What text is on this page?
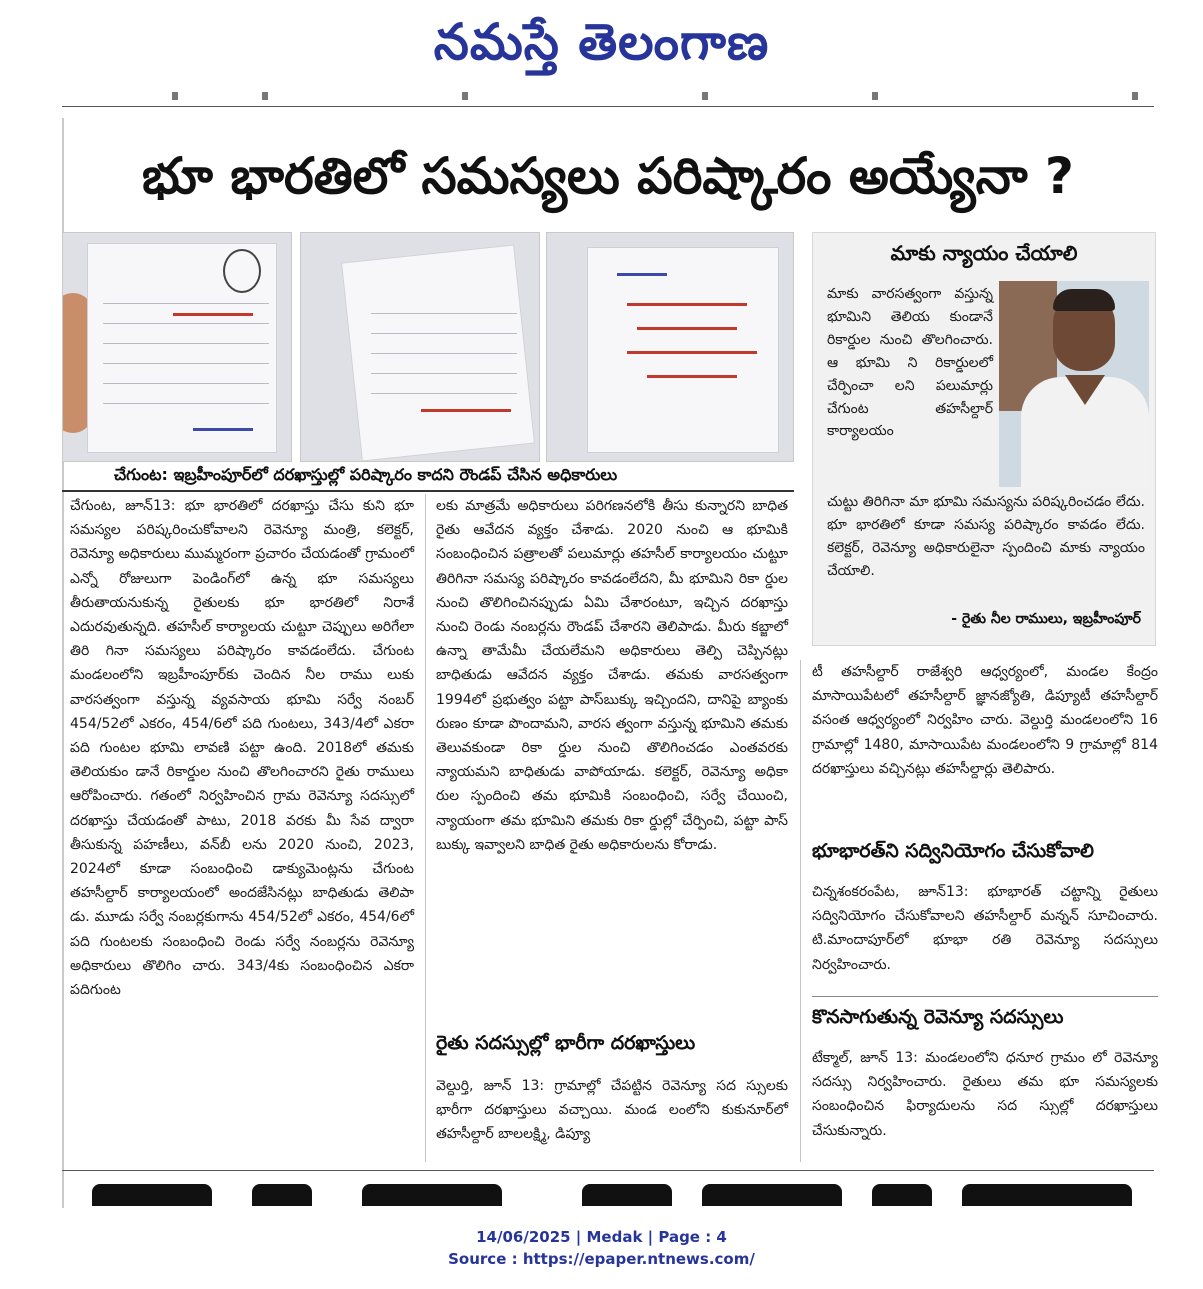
నమస్తే తెలంగాణ
భూ భారతిలో సమస్యలు పరిష్కారం అయ్యేనా ?
చేగుంట: ఇబ్రహీంపూర్‌లో దరఖాస్తుల్లో పరిష్కారం కాదని రౌండప్ చేసిన అధికారులు
మాకు న్యాయం చేయాలి
మాకు వారసత్వంగా వస్తున్న భూమిని తెలియ కుండానే రికార్డుల నుంచి తొలగించారు. ఆ భూమి ని రికార్డులలో చేర్పించా లని పలుమార్లు చేగుంట తహసీల్దార్ కార్యాలయం
చుట్టు తిరిగినా మా భూమి సమస్యను పరిష్కరించడం లేదు. భూ భారతిలో కూడా సమస్య పరిష్కారం కావడం లేదు. కలెక్టర్, రెవెన్యూ అధికారులైనా స్పందించి మాకు న్యాయం చేయాలి.
- రైతు నీల రాములు, ఇబ్రహీంపూర్

చేగుంట, జూన్13: భూ భారతిలో దరఖాస్తు చేసు కుని భూ సమస్యల పరిష్కరించుకోవాలని రెవెన్యూ మంత్రి, కలెక్టర్, రెవెన్యూ అధికారులు ముమ్మరంగా ప్రచారం చేయడంతో గ్రామంలో ఎన్నో రోజులుగా పెండింగ్‌లో ఉన్న భూ సమస్యలు తీరుతాయనుకున్న రైతులకు భూ భారతిలో నిరాశే ఎదురవుతున్నది. తహసీల్ కార్యాలయ చుట్టూ చెప్పులు అరిగేలా తిరి గినా సమస్యలు పరిష్కారం కావడంలేదు. చేగుంట మండలంలోని ఇబ్రహీంపూర్‌కు చెందిన నీల రాము లుకు వారసత్వంగా వస్తున్న వ్యవసాయ భూమి సర్వే నంబర్ 454/52లో ఎకరం, 454/6లో పది గుంటలు, 343/4లో ఎకరా పది గుంటల భూమి లావణి పట్టా ఉంది. 2018లో తమకు తెలియకుం డానే రికార్డుల నుంచి తొలగించారని రైతు రాములు ఆరోపించారు. గతంలో నిర్వహించిన గ్రామ రెవెన్యూ సదస్సులో దరఖాస్తు చేయడంతో పాటు, 2018 వరకు మీ సేవ ద్వారా తీసుకున్న పహణీలు, వన్‌బీ లను 2020 నుంచి, 2023, 2024లో కూడా సంబంధించి డాక్యుమెంట్లను చేగుంట తహసీల్దార్ కార్యాలయంలో అందజేసినట్లు బాధితుడు తెలిపా డు. మూడు సర్వే నంబర్లకుగాను 454/52లో ఎకరం, 454/6లో పది గుంటలకు సంబంధించి రెండు సర్వే నంబర్లను రెవెన్యూ అధికారులు తొలిగిం చారు. 343/4కు సంబంధించిన ఎకరా పదిగుంట

లకు మాత్రమే అధికారులు పరిగణనలోకి తీసు కున్నారని బాధిత రైతు ఆవేదన వ్యక్తం చేశాడు. 2020 నుంచి ఆ భూమికి సంబంధించిన పత్రాలతో పలుమార్లు తహసీల్ కార్యాలయం చుట్టూ తిరిగినా సమస్య పరిష్కారం కావడంలేదని, మీ భూమిని రికా ర్డుల నుంచి తొలిగించినప్పుడు ఏమి చేశారంటూ, ఇచ్చిన దరఖాస్తు నుంచి రెండు నంబర్లను రౌండప్ చేశారని తెలిపాడు. మీరు కబ్జాలో ఉన్నా తామేమీ చేయలేమని అధికారులు తెల్పి చెప్పినట్లు బాధితుడు ఆవేదన వ్యక్తం చేశాడు. తమకు వారసత్వంగా 1994లో ప్రభుత్వం పట్టా పాస్‌బుక్కు ఇచ్చిందని, దానిపై బ్యాంకు రుణం కూడా పొందామని, వారస త్వంగా వస్తున్న భూమిని తమకు తెలువకుండా రికా ర్డుల నుంచి తొలిగించడం ఎంతవరకు న్యాయమని బాధితుడు వాపోయాడు. కలెక్టర్, రెవెన్యూ అధికా రుల స్పందించి తమ భూమికి సంబంధించి, సర్వే చేయించి, న్యాయంగా తమ భూమిని తమకు రికా ర్డుల్లో చేర్పించి, పట్టా పాస్ బుక్కు ఇవ్వాలని బాధిత రైతు అధికారులను కోరాడు.

రైతు సదస్సుల్లో భారీగా దరఖాస్తులు

వెల్దుర్తి, జూన్ 13: గ్రామాల్లో చేపట్టిన రెవెన్యూ సద స్సులకు భారీగా దరఖాస్తులు వచ్చాయి. మండ లంలోని కుకునూర్‌లో తహసీల్దార్ బాలలక్ష్మి, డిప్యూ

టీ తహసీల్దార్ రాజేశ్వరి ఆధ్వర్యంలో, మండల కేంద్రం మాసాయిపేటలో తహసీల్దార్ జ్ఞానజ్యోతి, డిప్యూటీ తహసీల్దార్ వసంత ఆధ్వర్యంలో నిర్వహిం చారు. వెల్దుర్తి మండలంలోని 16 గ్రామాల్లో 1480, మాసాయిపేట మండలంలోని 9 గ్రామాల్లో 814 దరఖాస్తులు వచ్చినట్లు తహసీల్దార్లు తెలిపారు.

భూభారత్‌ని సద్వినియోగం చేసుకోవాలి

చిన్నశంకరంపేట, జూన్13: భూభారత్ చట్టాన్ని రైతులు సద్వినియోగం చేసుకోవాలని తహసీల్దార్ మన్నన్ సూచించారు. టి.మాందాపూర్‌లో భూభా రతి రెవెన్యూ సదస్సులు నిర్వహించారు.

కొనసాగుతున్న రెవెన్యూ సదస్సులు

టేక్మాల్, జూన్ 13: మండలంలోని ధనూర గ్రామం లో రెవెన్యూ సదస్సు నిర్వహించారు. రైతులు తమ భూ సమస్యలకు సంబంధించిన ఫిర్యాదులను సద స్సుల్లో దరఖాస్తులు చేసుకున్నారు.

14/06/2025 | Medak | Page : 4
Source : https://epaper.ntnews.com/
